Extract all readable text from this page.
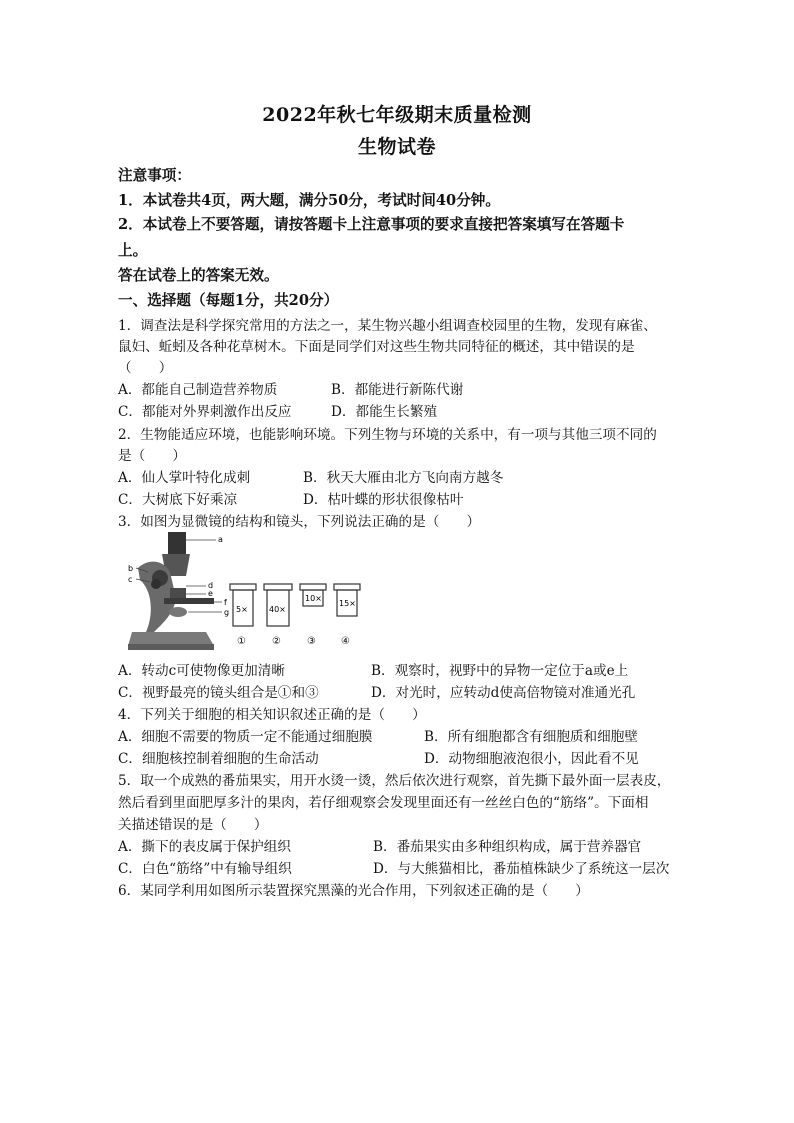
2022年秋七年级期末质量检测
生物试卷
注意事项：
1．本试卷共4页，两大题，满分50分，考试时间40分钟。
2．本试卷上不要答题，请按答题卡上注意事项的要求直接把答案填写在答题卡
上。
答在试卷上的答案无效。
一、选择题（每题1分，共20分）
1．调查法是科学探究常用的方法之一，某生物兴趣小组调查校园里的生物，发现有麻雀、
鼠妇、蚯蚓及各种花草树木。下面是同学们对这些生物共同特征的概述，其中错误的是
（　　）
A．都能自己制造营养物质	B．都能进行新陈代谢
C．都能对外界刺激作出反应	D．都能生长繁殖
2．生物能适应环境，也能影响环境。下列生物与环境的关系中，有一项与其他三项不同的
是（　　）
A．仙人掌叶特化成刺	B．秋天大雁由北方飞向南方越冬
C．大树底下好乘凉	D．枯叶蝶的形状很像枯叶
3．如图为显微镜的结构和镜头，下列说法正确的是（　　）
a
b
c
d
e
f
g 5×	40×
10×
15×
①	②	③	④
A．转动c可使物像更加清晰	B．观察时，视野中的异物一定位于a或e上
C．视野最亮的镜头组合是①和③	D．对光时，应转动d使高倍物镜对准通光孔
4．下列关于细胞的相关知识叙述正确的是（　　）
A．细胞不需要的物质一定不能通过细胞膜	B．所有细胞都含有细胞质和细胞壁
C．细胞核控制着细胞的生命活动	D．动物细胞液泡很小，因此看不见
5．取一个成熟的番茄果实，用开水烫一烫，然后依次进行观察，首先撕下最外面一层表皮，
然后看到里面肥厚多汁的果肉，若仔细观察会发现里面还有一丝丝白色的“筋络”。下面相
关描述错误的是（　　）
A．撕下的表皮属于保护组织	B．番茄果实由多种组织构成，属于营养器官
C．白色“筋络”中有输导组织	D．与大熊猫相比，番茄植株缺少了系统这一层次
6．某同学利用如图所示装置探究黑藻的光合作用，下列叙述正确的是（　　）
